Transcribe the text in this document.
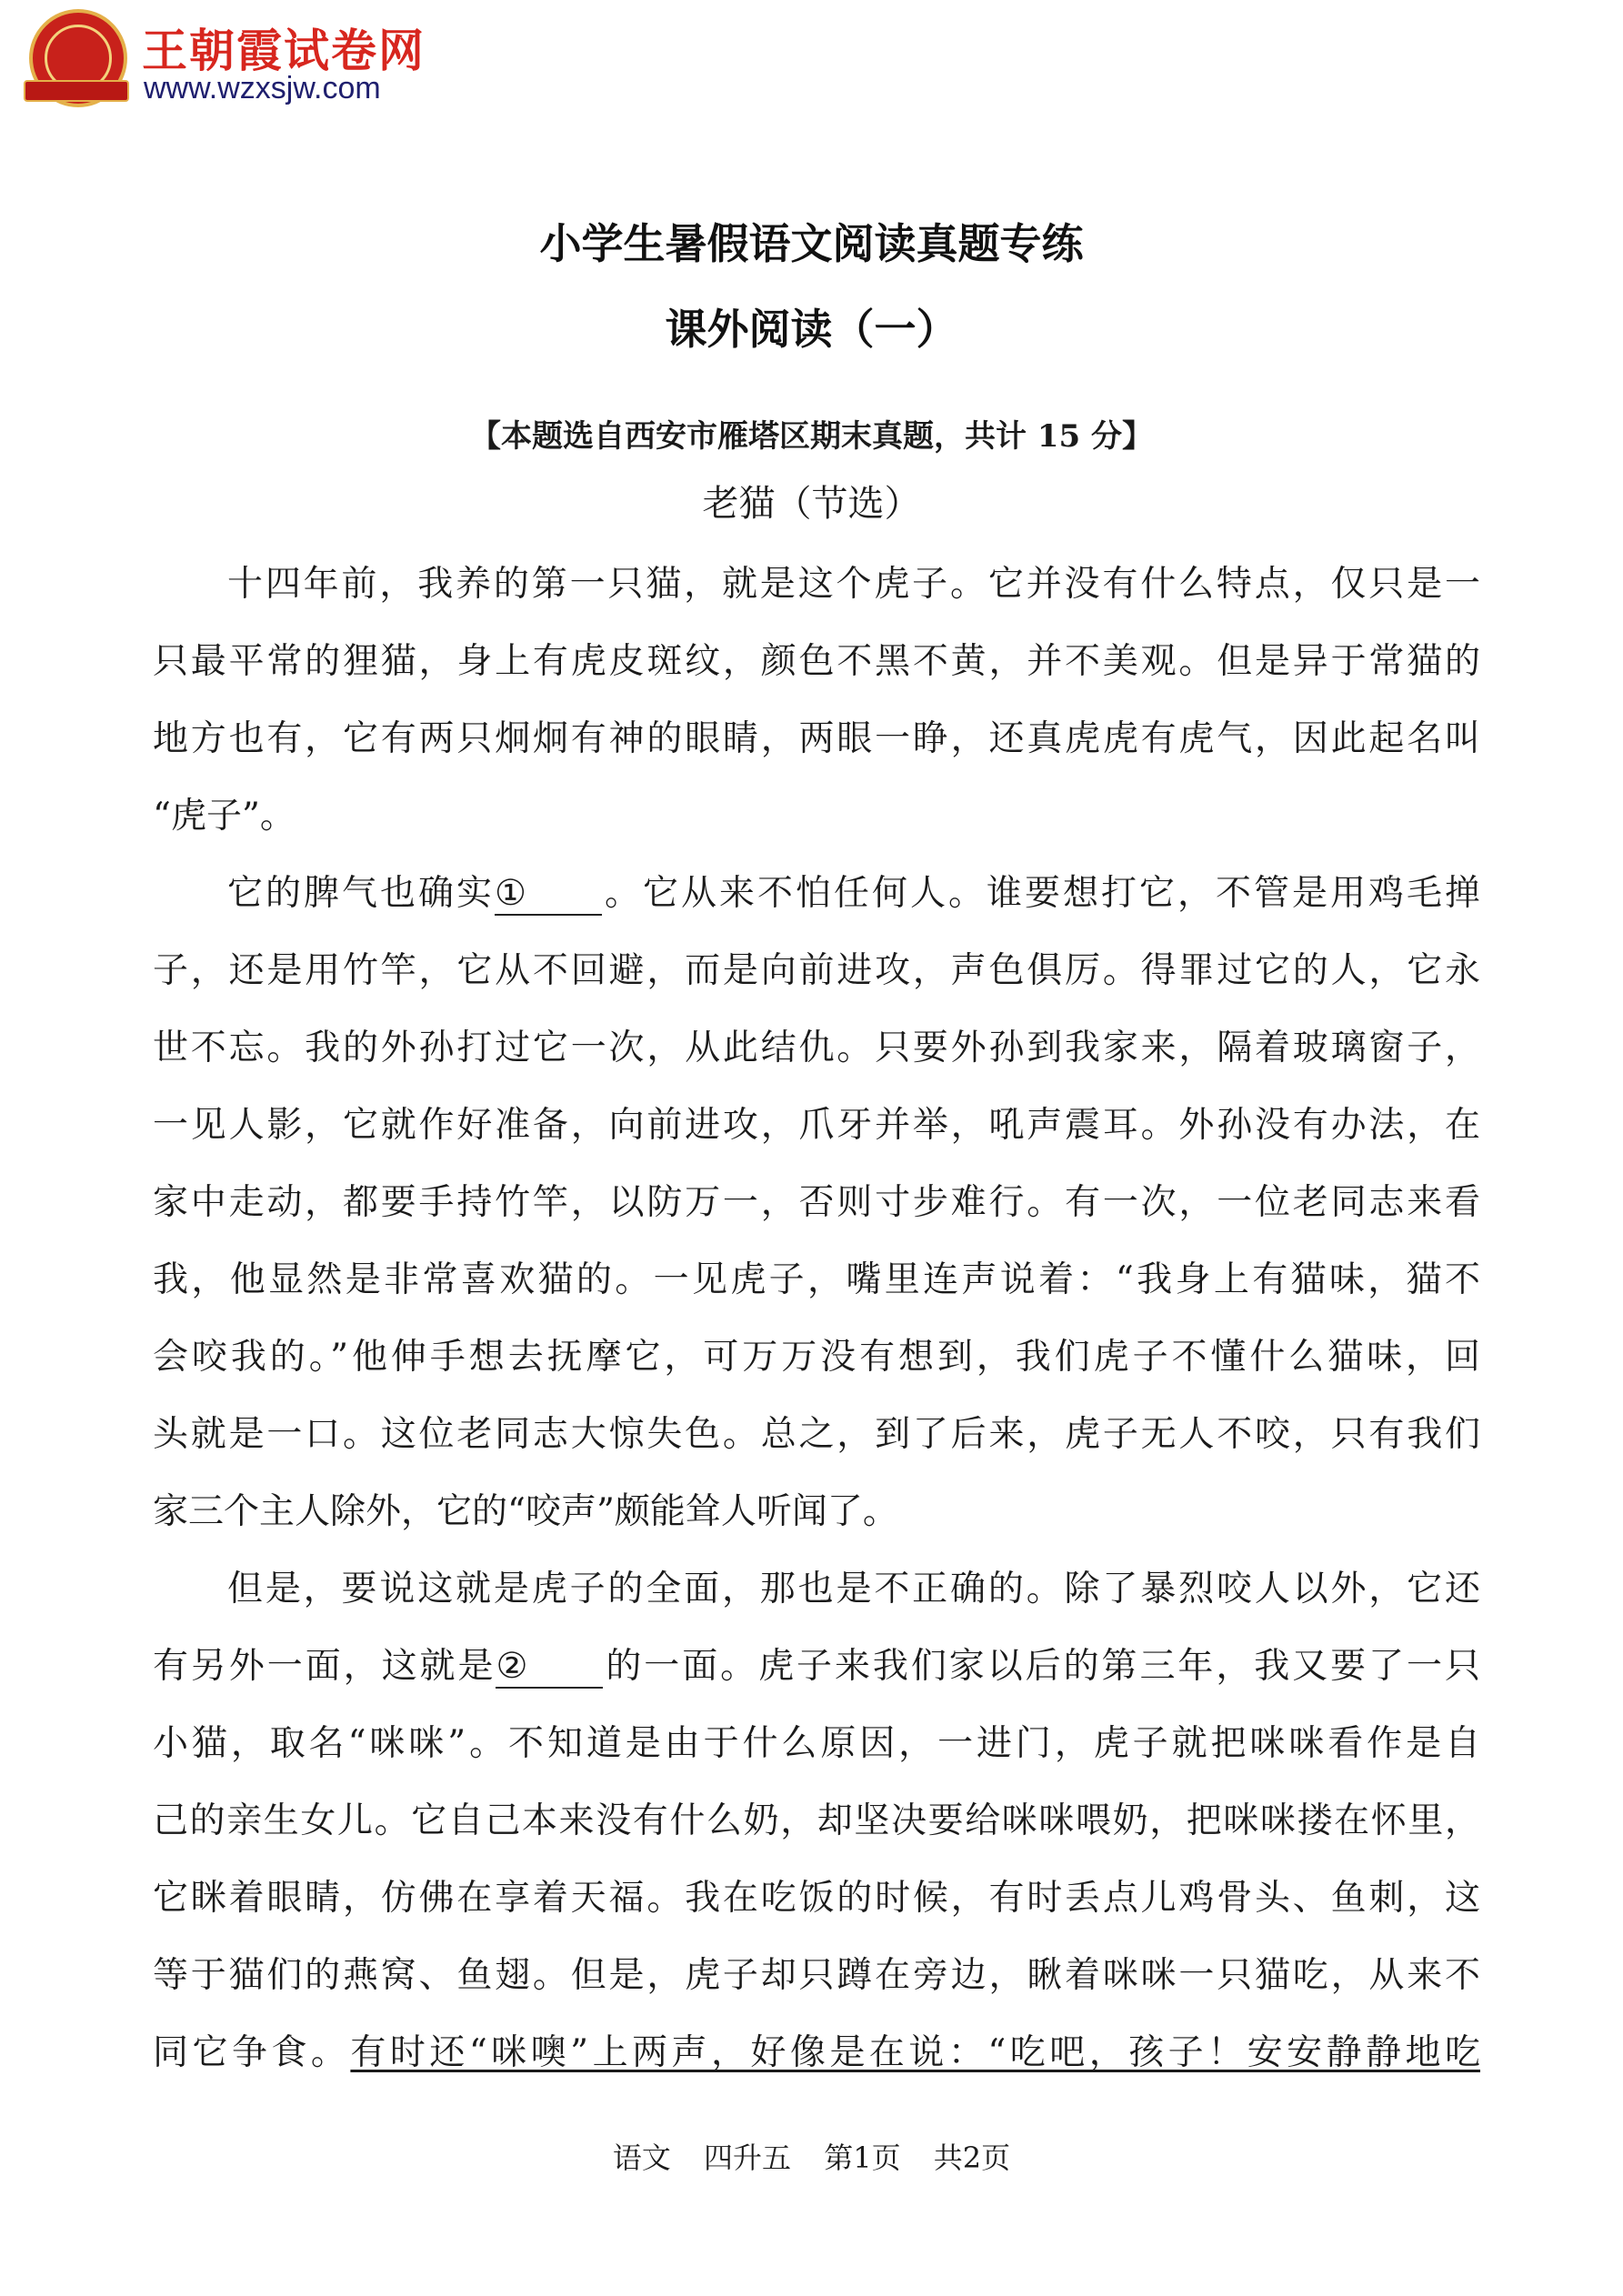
王朝霞试卷网
www.wzxsjw.com
小学生暑假语文阅读真题专练
课外阅读（一）
【本题选自西安市雁塔区期末真题，共计 15 分】
老猫（节选）
十四年前，我养的第一只猫，就是这个虎子。它并没有什么特点，仅只是一
只最平常的狸猫，身上有虎皮斑纹，颜色不黑不黄，并不美观。但是异于常猫的
地方也有，它有两只炯炯有神的眼睛，两眼一睁，还真虎虎有虎气，因此起名叫
“虎子”。
它的脾气也确实① 。它从来不怕任何人。谁要想打它，不管是用鸡毛掸
子，还是用竹竿，它从不回避，而是向前进攻，声色俱厉。得罪过它的人，它永
世不忘。我的外孙打过它一次，从此结仇。只要外孙到我家来，隔着玻璃窗子，
一见人影，它就作好准备，向前进攻，爪牙并举，吼声震耳。外孙没有办法，在
家中走动，都要手持竹竿，以防万一，否则寸步难行。有一次，一位老同志来看
我，他显然是非常喜欢猫的。一见虎子，嘴里连声说着：“我身上有猫味，猫不
会咬我的。”他伸手想去抚摩它，可万万没有想到，我们虎子不懂什么猫味，回
头就是一口。这位老同志大惊失色。总之，到了后来，虎子无人不咬，只有我们
家三个主人除外，它的“咬声”颇能耸人听闻了。
但是，要说这就是虎子的全面，那也是不正确的。除了暴烈咬人以外，它还
有另外一面，这就是② 的一面。虎子来我们家以后的第三年，我又要了一只
小猫，取名“咪咪”。不知道是由于什么原因，一进门，虎子就把咪咪看作是自
己的亲生女儿。它自己本来没有什么奶，却坚决要给咪咪喂奶，把咪咪搂在怀里，
它眯着眼睛，仿佛在享着天福。我在吃饭的时候，有时丢点儿鸡骨头、鱼刺，这
等于猫们的燕窝、鱼翅。但是，虎子却只蹲在旁边，瞅着咪咪一只猫吃，从来不
同它争食。有时还“咪噢”上两声，好像是在说：“吃吧，孩子！安安静静地吃
语文 四升五 第1页 共2页
